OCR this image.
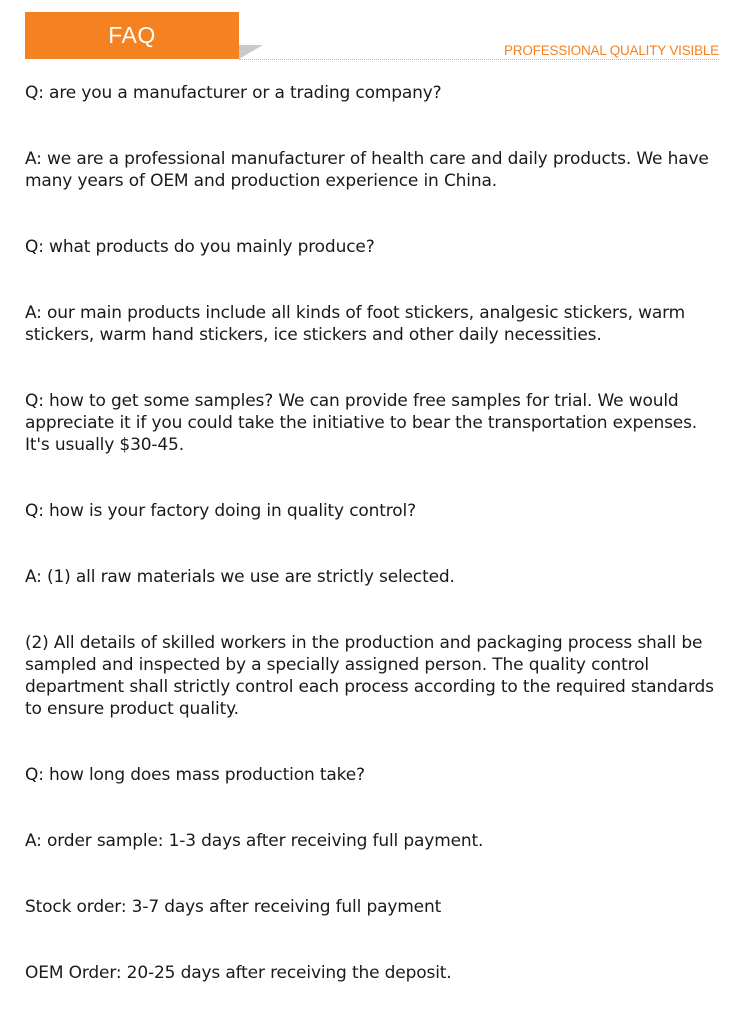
FAQ
PROFESSIONAL QUALITY VISIBLE

Q: are you a manufacturer or a trading company?

A: we are a professional manufacturer of health care and daily products. We have many years of OEM and production experience in China.

Q: what products do you mainly produce?

A: our main products include all kinds of foot stickers, analgesic stickers, warm stickers, warm hand stickers, ice stickers and other daily necessities.

Q: how to get some samples? We can provide free samples for trial. We would appreciate it if you could take the initiative to bear the transportation expenses. It's usually $30-45.

Q: how is your factory doing in quality control?

A: (1) all raw materials we use are strictly selected.

(2) All details of skilled workers in the production and packaging process shall be sampled and inspected by a specially assigned person. The quality control department shall strictly control each process according to the required standards to ensure product quality.

Q: how long does mass production take?

A: order sample: 1-3 days after receiving full payment.

Stock order: 3-7 days after receiving full payment

OEM Order: 20-25 days after receiving the deposit.
